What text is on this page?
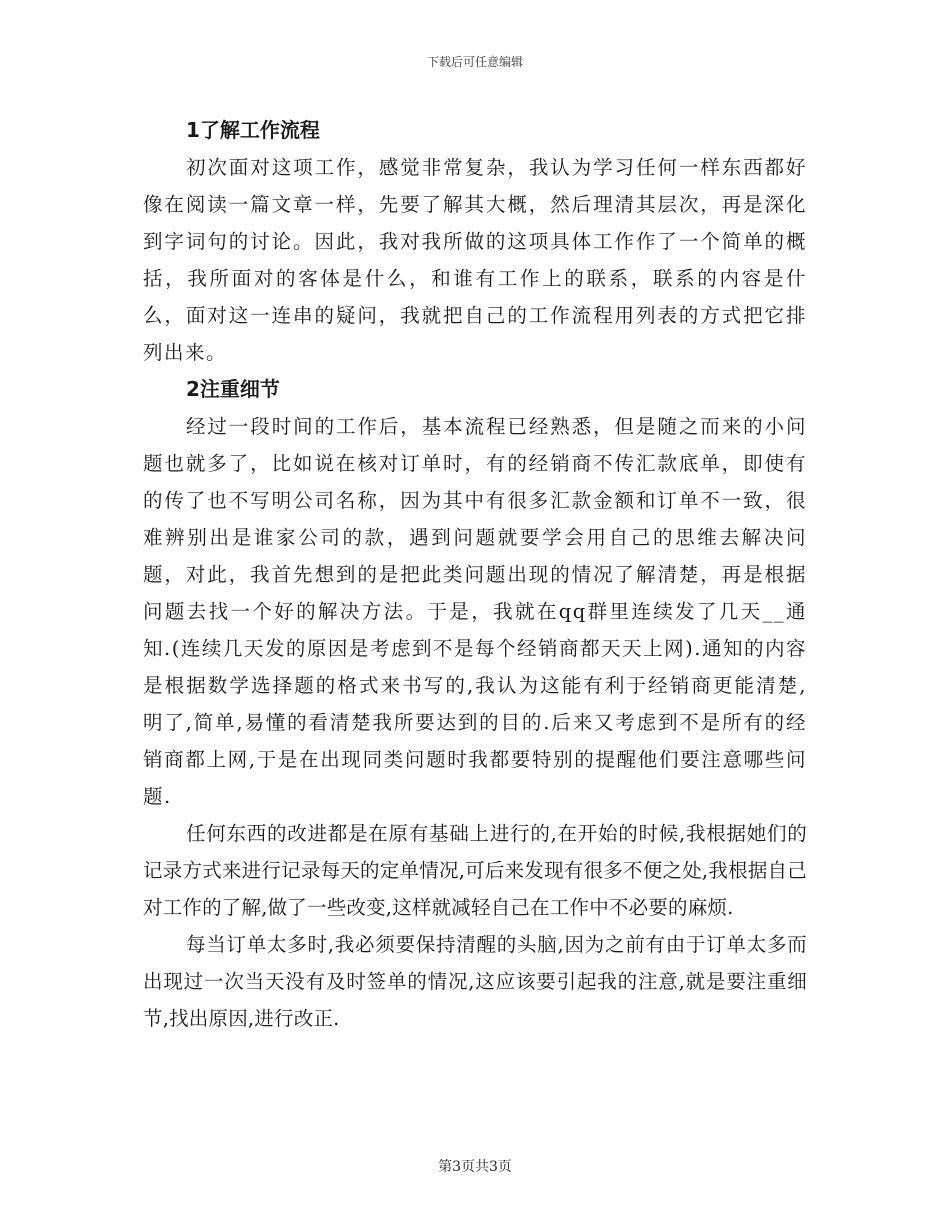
下载后可任意编辑
1了解工作流程

初次面对这项工作，感觉非常复杂，我认为学习任何一样东西都好像在阅读一篇文章一样，先要了解其大概，然后理清其层次，再是深化到字词句的讨论。因此，我对我所做的这项具体工作作了一个简单的概括，我所面对的客体是什么，和谁有工作上的联系，联系的内容是什么，面对这一连串的疑问，我就把自己的工作流程用列表的方式把它排列出来。

2注重细节

经过一段时间的工作后，基本流程已经熟悉，但是随之而来的小问题也就多了，比如说在核对订单时，有的经销商不传汇款底单，即使有的传了也不写明公司名称，因为其中有很多汇款金额和订单不一致，很难辨别出是谁家公司的款，遇到问题就要学会用自己的思维去解决问题，对此，我首先想到的是把此类问题出现的情况了解清楚，再是根据问题去找一个好的解决方法。于是，我就在qq群里连续发了几天__通知.(连续几天发的原因是考虑到不是每个经销商都天天上网).通知的内容是根据数学选择题的格式来书写的,我认为这能有利于经销商更能清楚,明了,简单,易懂的看清楚我所要达到的目的.后来又考虑到不是所有的经销商都上网,于是在出现同类问题时我都要特别的提醒他们要注意哪些问题.

任何东西的改进都是在原有基础上进行的,在开始的时候,我根据她们的记录方式来进行记录每天的定单情况,可后来发现有很多不便之处,我根据自己对工作的了解,做了一些改变,这样就减轻自己在工作中不必要的麻烦.

每当订单太多时,我必须要保持清醒的头脑,因为之前有由于订单太多而出现过一次当天没有及时签单的情况,这应该要引起我的注意,就是要注重细节,找出原因,进行改正.

第3页共3页
